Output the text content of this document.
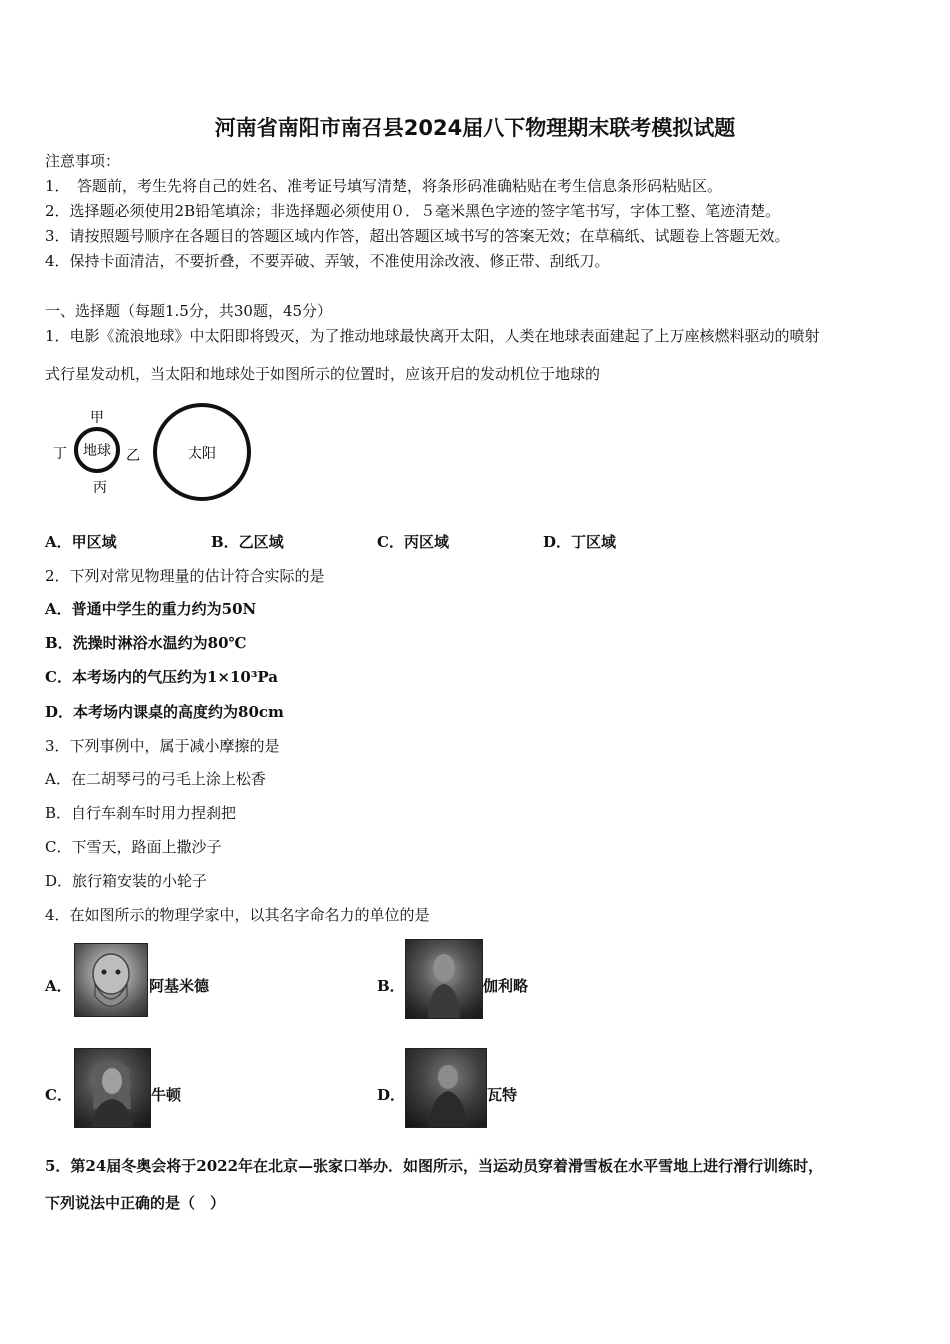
河南省南阳市南召县2024届八下物理期末联考模拟试题
注意事项：
1．　答题前，考生先将自己的姓名、准考证号填写清楚，将条形码准确粘贴在考生信息条形码粘贴区。
2．选择题必须使用2B铅笔填涂；非选择题必须使用０．５毫米黑色字迹的签字笔书写，字体工整、笔迹清楚。
3．请按照题号顺序在各题目的答题区域内作答，超出答题区域书写的答案无效；在草稿纸、试题卷上答题无效。
4．保持卡面清洁，不要折叠，不要弄破、弄皱，不准使用涂改液、修正带、刮纸刀。
一、选择题（每题1.5分，共30题，45分）
1．电影《流浪地球》中太阳即将毁灭，为了推动地球最快离开太阳，人类在地球表面建起了上万座核燃料驱动的喷射
式行星发动机，当太阳和地球处于如图所示的位置时，应该开启的发动机位于地球的
地球	太阳
甲
乙
丙
丁
A．甲区域	B．乙区域	C．丙区域	D．丁区域
2．下列对常见物理量的估计符合实际的是
A．普通中学生的重力约为50N
B．洗操时淋浴水温约为80℃
C．本考场内的气压约为1×10³Pa
D．本考场内课桌的高度约为80cm
3．下列事例中，属于减小摩擦的是
A．在二胡琴弓的弓毛上涂上松香
B．自行车刹车时用力捏刹把
C．下雪天，路面上撒沙子
D．旅行箱安装的小轮子
4．在如图所示的物理学家中，以其名字命名力的单位的是
A．	阿基米德	B．	伽利略
C．	牛顿	D．	瓦特
5．第24届冬奥会将于2022年在北京—张家口举办．如图所示，当运动员穿着滑雪板在水平雪地上进行滑行训练时，
下列说法中正确的是（　）
